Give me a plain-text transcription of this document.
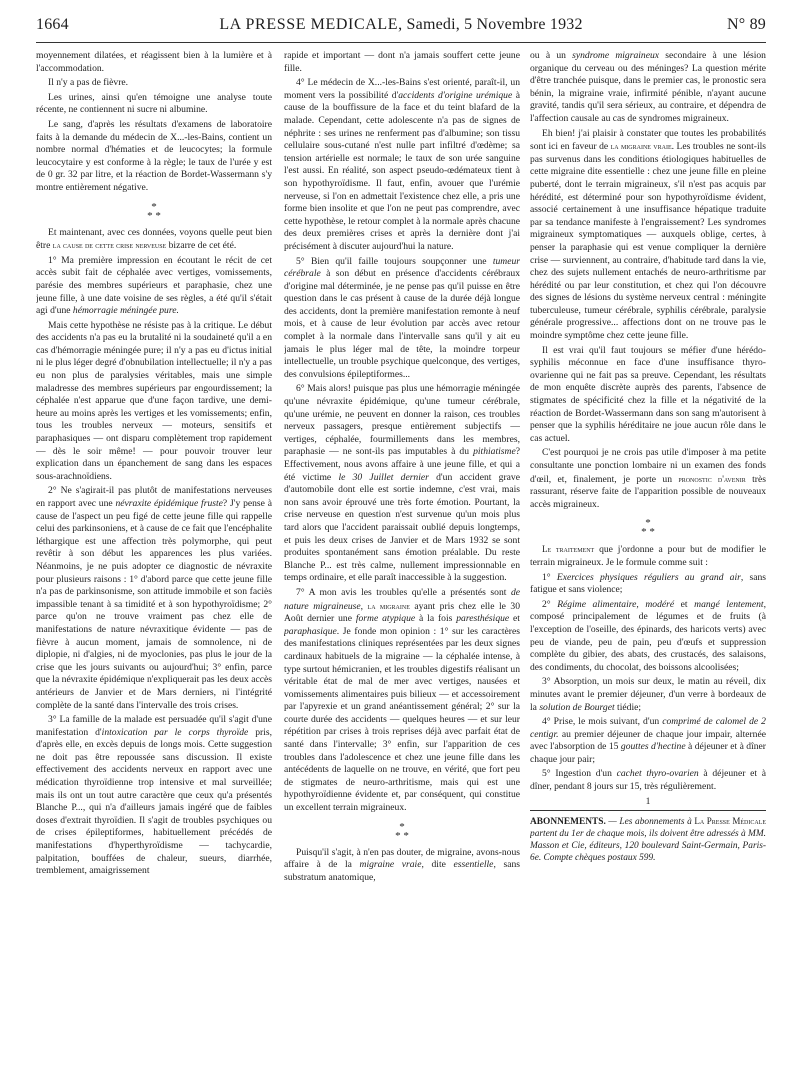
1664	LA PRESSE MEDICALE, Samedi, 5 Novembre 1932	N° 89

moyennement dilatées, et réagissent bien à la lumière et à l'accommodation.

Il n'y a pas de fièvre.

Les urines, ainsi qu'en témoigne une analyse toute récente, ne contiennent ni sucre ni albumine.

Le sang, d'après les résultats d'examens de laboratoire faits à la demande du médecin de X...-les-Bains, contient un nombre normal d'hématies et de leucocytes; la formule leucocytaire y est conforme à la règle; le taux de l'urée y est de 0 gr. 32 par litre, et la réaction de Bordet-Wassermann s'y montre entièrement négative.

*
* *

Et maintenant, avec ces données, voyons quelle peut bien être la cause de cette crise nerveuse bizarre de cet été.

1° Ma première impression en écoutant le récit de cet accès subit fait de céphalée avec vertiges, vomissements, parésie des membres supérieurs et paraphasie, chez une jeune fille, à une date voisine de ses règles, a été qu'il s'était agi d'une hémorragie méningée pure.

Mais cette hypothèse ne résiste pas à la critique. Le début des accidents n'a pas eu la brutalité ni la soudaineté qu'il a en cas d'hémorragie méningée pure; il n'y a pas eu d'ictus initial ni le plus léger degré d'obnubilation intellectuelle; il n'y a pas eu non plus de paralysies véritables, mais une simple maladresse des membres supérieurs par engourdissement; la céphalée n'est apparue que d'une façon tardive, une demi-heure au moins après les vertiges et les vomissements; enfin, tous les troubles nerveux — moteurs, sensitifs et paraphasiques — ont disparu complètement trop rapidement — dès le soir même! — pour pouvoir trouver leur explication dans un épanchement de sang dans les espaces sous-arachnoïdiens.

2° Ne s'agirait-il pas plutôt de manifestations nerveuses en rapport avec une névraxite épidémique fruste? J'y pense à cause de l'aspect un peu figé de cette jeune fille qui rappelle celui des parkinsoniens, et à cause de ce fait que l'encéphalite léthargique est une affection très polymorphe, qui peut revêtir à son début les apparences les plus variées. Néanmoins, je ne puis adopter ce diagnostic de névraxite pour plusieurs raisons : 1° d'abord parce que cette jeune fille n'a pas de parkinsonisme, son attitude immobile et son faciès impassible tenant à sa timidité et à son hypothyroïdisme; 2° parce qu'on ne trouve vraiment pas chez elle de manifestations de nature névraxitique évidente — pas de fièvre à aucun moment, jamais de somnolence, ni de diplopie, ni d'algies, ni de myoclonies, pas plus le jour de la crise que les jours suivants ou aujourd'hui; 3° enfin, parce que la névraxite épidémique n'expliquerait pas les deux accès antérieurs de Janvier et de Mars derniers, ni l'intégrité complète de la santé dans l'intervalle des trois crises.

3° La famille de la malade est persuadée qu'il s'agit d'une manifestation d'intoxication par le corps thyroïde pris, d'après elle, en excès depuis de longs mois. Cette suggestion ne doit pas être repoussée sans discussion. Il existe effectivement des accidents nerveux en rapport avec une médication thyroïdienne trop intensive et mal surveillée; mais ils ont un tout autre caractère que ceux qu'a présentés Blanche P..., qui n'a d'ailleurs jamais ingéré que de faibles doses d'extrait thyroïdien. Il s'agit de troubles psychiques ou de crises épileptiformes, habituellement précédés de manifestations d'hyperthyroïdisme — tachycardie, palpitation, bouffées de chaleur, sueurs, diarrhée, tremblement, amaigrissement

rapide et important — dont n'a jamais souffert cette jeune fille.

4° Le médecin de X...-les-Bains s'est orienté, paraît-il, un moment vers la possibilité d'accidents d'origine urémique à cause de la bouffissure de la face et du teint blafard de la malade. Cependant, cette adolescente n'a pas de signes de néphrite : ses urines ne renferment pas d'albumine; son tissu cellulaire sous-cutané n'est nulle part infiltré d'œdème; sa tension artérielle est normale; le taux de son urée sanguine l'est aussi. En réalité, son aspect pseudo-œdémateux tient à son hypothyroïdisme. Il faut, enfin, avouer que l'urémie nerveuse, si l'on en admettait l'existence chez elle, a pris une forme bien insolite et que l'on ne peut pas comprendre, avec cette hypothèse, le retour complet à la normale après chacune des deux premières crises et après la dernière dont j'ai précisément à discuter aujourd'hui la nature.

5° Bien qu'il faille toujours soupçonner une tumeur cérébrale à son début en présence d'accidents cérébraux d'origine mal déterminée, je ne pense pas qu'il puisse en être question dans le cas présent à cause de la durée déjà longue des accidents, dont la première manifestation remonte à neuf mois, et à cause de leur évolution par accès avec retour complet à la normale dans l'intervalle sans qu'il y ait eu jamais le plus léger mal de tête, la moindre torpeur intellectuelle, un trouble psychique quelconque, des vertiges, des convulsions épileptiformes...

6° Mais alors! puisque pas plus une hémorragie méningée qu'une névraxite épidémique, qu'une tumeur cérébrale, qu'une urémie, ne peuvent en donner la raison, ces troubles nerveux passagers, presque entièrement subjectifs — vertiges, céphalée, fourmillements dans les membres, paraphasie — ne sont-ils pas imputables à du pithiatisme? Effectivement, nous avons affaire à une jeune fille, et qui a été victime le 30 Juillet dernier d'un accident grave d'automobile dont elle est sortie indemne, c'est vrai, mais non sans avoir éprouvé une très forte émotion. Pourtant, la crise nerveuse en question n'est survenue qu'un mois plus tard alors que l'accident paraissait oublié depuis longtemps, et puis les deux crises de Janvier et de Mars 1932 se sont produites spontanément sans émotion préalable. Du reste Blanche P... est très calme, nullement impressionnable en temps ordinaire, et elle paraît inaccessible à la suggestion.

7° A mon avis les troubles qu'elle a présentés sont de nature migraineuse, la migraine ayant pris chez elle le 30 Août dernier une forme atypique à la fois paresthésique et paraphasique. Je fonde mon opinion : 1° sur les caractères des manifestations cliniques représentées par les deux signes cardinaux habituels de la migraine — la céphalée intense, à type surtout hémicranien, et les troubles digestifs réalisant un véritable état de mal de mer avec vertiges, nausées et vomissements alimentaires puis bilieux — et accessoirement par l'apyrexie et un grand anéantissement général; 2° sur la courte durée des accidents — quelques heures — et sur leur répétition par crises à trois reprises déjà avec parfait état de santé dans l'intervalle; 3° enfin, sur l'apparition de ces troubles dans l'adolescence et chez une jeune fille dans les antécédents de laquelle on ne trouve, en vérité, que fort peu de stigmates de neuro-arthritisme, mais qui est une hypothyroïdienne évidente et, par conséquent, qui constitue un excellent terrain migraineux.

*
* *

Puisqu'il s'agit, à n'en pas douter, de migraine, avons-nous affaire à de la migraine vraie, dite essentielle, sans substratum anatomique,

ou à un syndrome migraineux secondaire à une lésion organique du cerveau ou des méninges? La question mérite d'être tranchée puisque, dans le premier cas, le pronostic sera bénin, la migraine vraie, infirmité pénible, n'ayant aucune gravité, tandis qu'il sera sérieux, au contraire, et dépendra de l'affection causale au cas de syndromes migraineux.

Eh bien! j'ai plaisir à constater que toutes les probabilités sont ici en faveur de la migraine vraie. Les troubles ne sont-ils pas survenus dans les conditions étiologiques habituelles de cette migraine dite essentielle : chez une jeune fille en pleine puberté, dont le terrain migraineux, s'il n'est pas acquis par hérédité, est déterminé pour son hypothyroïdisme évident, associé certainement à une insuffisance hépatique traduite par sa tendance manifeste à l'engraissement? Les syndromes migraineux symptomatiques — auxquels oblige, certes, à penser la paraphasie qui est venue compliquer la dernière crise — surviennent, au contraire, d'habitude tard dans la vie, chez des sujets nullement entachés de neuro-arthritisme par hérédité ou par leur constitution, et chez qui l'on découvre des signes de lésions du système nerveux central : méningite tuberculeuse, tumeur cérébrale, syphilis cérébrale, paralysie générale progressive... affections dont on ne trouve pas le moindre symptôme chez cette jeune fille.

Il est vrai qu'il faut toujours se méfier d'une hérédo-syphilis méconnue en face d'une insuffisance thyro-ovarienne qui ne fait pas sa preuve. Cependant, les résultats de mon enquête discrète auprès des parents, l'absence de stigmates de spécificité chez la fille et la négativité de la réaction de Bordet-Wassermann dans son sang m'autorisent à penser que la syphilis héréditaire ne joue aucun rôle dans le cas actuel.

C'est pourquoi je ne crois pas utile d'imposer à ma petite consultante une ponction lombaire ni un examen des fonds d'œil, et, finalement, je porte un pronostic d'avenir très rassurant, réserve faite de l'apparition possible de nouveaux accès migraineux.

*
* *

Le traitement que j'ordonne a pour but de modifier le terrain migraineux. Je le formule comme suit :

1° Exercices physiques réguliers au grand air, sans fatigue et sans violence;

2° Régime alimentaire, modéré et mangé lentement, composé principalement de légumes et de fruits (à l'exception de l'oseille, des épinards, des haricots verts) avec peu de viande, peu de pain, peu d'œufs et suppression complète du gibier, des abats, des crustacés, des salaisons, des condiments, du chocolat, des boissons alcoolisées;

3° Absorption, un mois sur deux, le matin au réveil, dix minutes avant le premier déjeuner, d'un verre à bordeaux de la solution de Bourget tiédie;

4° Prise, le mois suivant, d'un comprimé de calomel de 2 centigr. au premier déjeuner de chaque jour impair, alternée avec l'absorption de 15 gouttes d'hectine à déjeuner et à dîner chaque jour pair;

5° Ingestion d'un cachet thyro-ovarien à déjeuner et à dîner, pendant 8 jours sur 15, très régulièrement.

1

ABONNEMENTS. — Les abonnements à La Presse Médicale partent du 1er de chaque mois, ils doivent être adressés à MM. Masson et Cie, éditeurs, 120 boulevard Saint-Germain, Paris-6e. Compte chèques postaux 599.
